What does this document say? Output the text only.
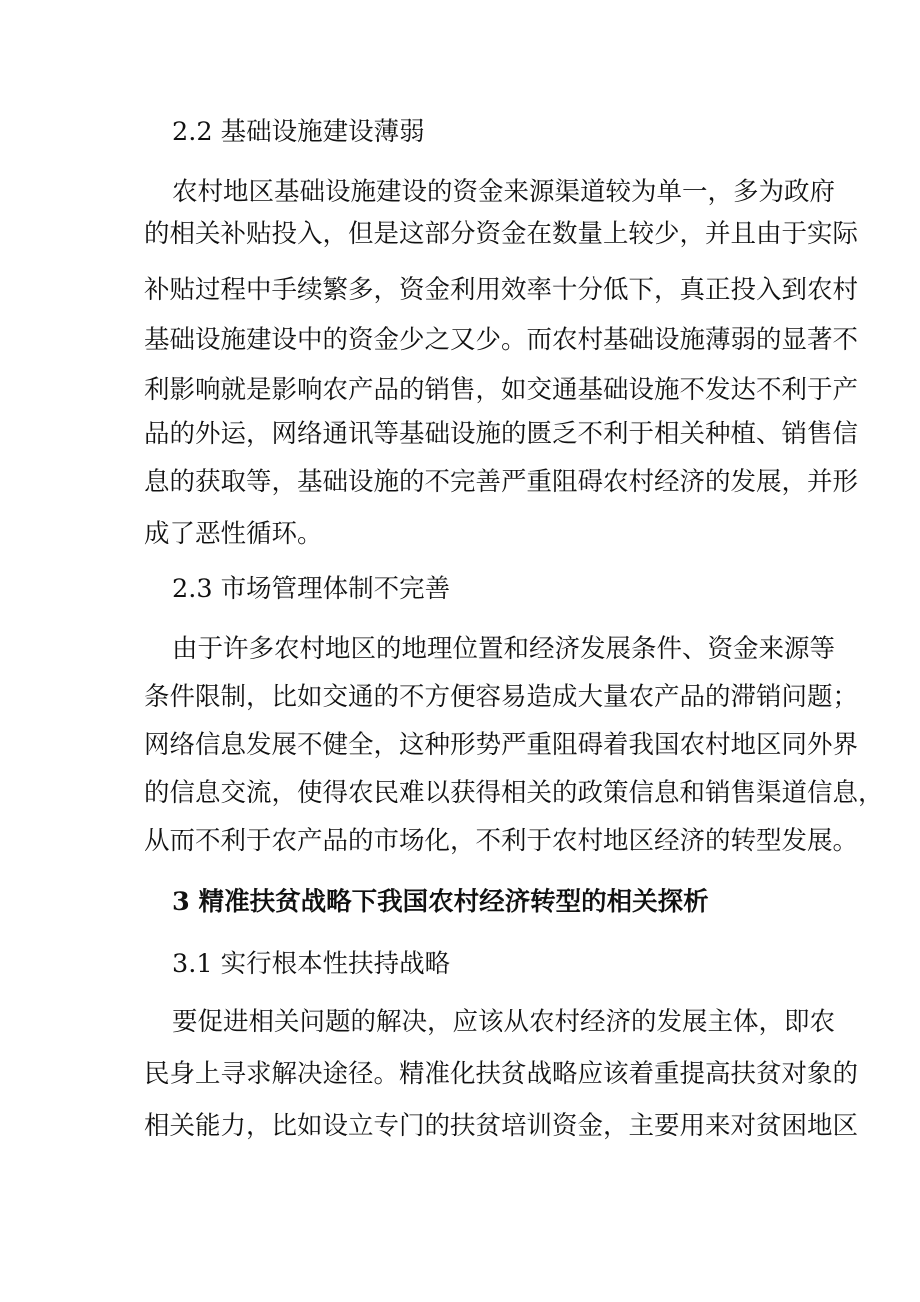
2.2 基础设施建设薄弱
农村地区基础设施建设的资金来源渠道较为单一，多为政府
的相关补贴投入，但是这部分资金在数量上较少，并且由于实际
补贴过程中手续繁多，资金利用效率十分低下，真正投入到农村
基础设施建设中的资金少之又少。而农村基础设施薄弱的显著不
利影响就是影响农产品的销售，如交通基础设施不发达不利于产
品的外运，网络通讯等基础设施的匮乏不利于相关种植、销售信
息的获取等，基础设施的不完善严重阻碍农村经济的发展，并形
成了恶性循环。
2.3 市场管理体制不完善
由于许多农村地区的地理位置和经济发展条件、资金来源等
条件限制，比如交通的不方便容易造成大量农产品的滞销问题；
网络信息发展不健全，这种形势严重阻碍着我国农村地区同外界
的信息交流，使得农民难以获得相关的政策信息和销售渠道信息，
从而不利于农产品的市场化，不利于农村地区经济的转型发展。
3 精准扶贫战略下我国农村经济转型的相关探析
3.1 实行根本性扶持战略
要促进相关问题的解决，应该从农村经济的发展主体，即农
民身上寻求解决途径。精准化扶贫战略应该着重提高扶贫对象的
相关能力，比如设立专门的扶贫培训资金，主要用来对贫困地区
